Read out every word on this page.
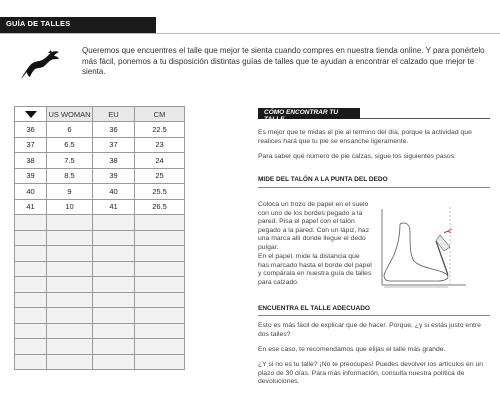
GUÍA DE TALLES
Queremos que encuentres el talle que mejor te sienta cuando compres en nuestra tienda online. Y para ponértelo más fácil, ponemos a tu disposición distintas guías de talles que te ayudan a encontrar el calzado que mejor te sienta.
	US WOMAN	EU	CM
36	6	36	22.5
37	6.5	37	23
38	7.5	38	24
39	8.5	39	25
40	9	40	25.5
41	10	41	26.5

CÓMO ENCONTRAR TU TALLE
Es mejor que te midas el pie al termino del día, porque la actividad que realices hará que tu pie se ensanche ligeramente.
Para saber qué número de pie calzas, sigue los siguientes pasos:
MIDE DEL TALÓN A LA PUNTA DEL DEDO
Coloca un trozo de papel en el suelo con uno de los bordes pegado a la pared. Pisa el papel con el talón pegado a la pared. Con un lápiz, haz una marca allí donde llegue el dedo pulgar.
En el papel, mide la distancia que has marcado hasta el borde del papel y compárala en nuestra guía de talles para calzado.
ENCUENTRA EL TALLE ADECUADO
Esto es más fácil de explicar que de hacer. Porque, ¿y si estás justo entre dos talles?
En ese caso, te recomendamos que elijas el talle más grande.
¿Y si no es tu talle? ¡No te preocupes! Puedes devolver los artículos en un plazo de 30 días. Para más información, consulta nuestra política de devoluciones.
